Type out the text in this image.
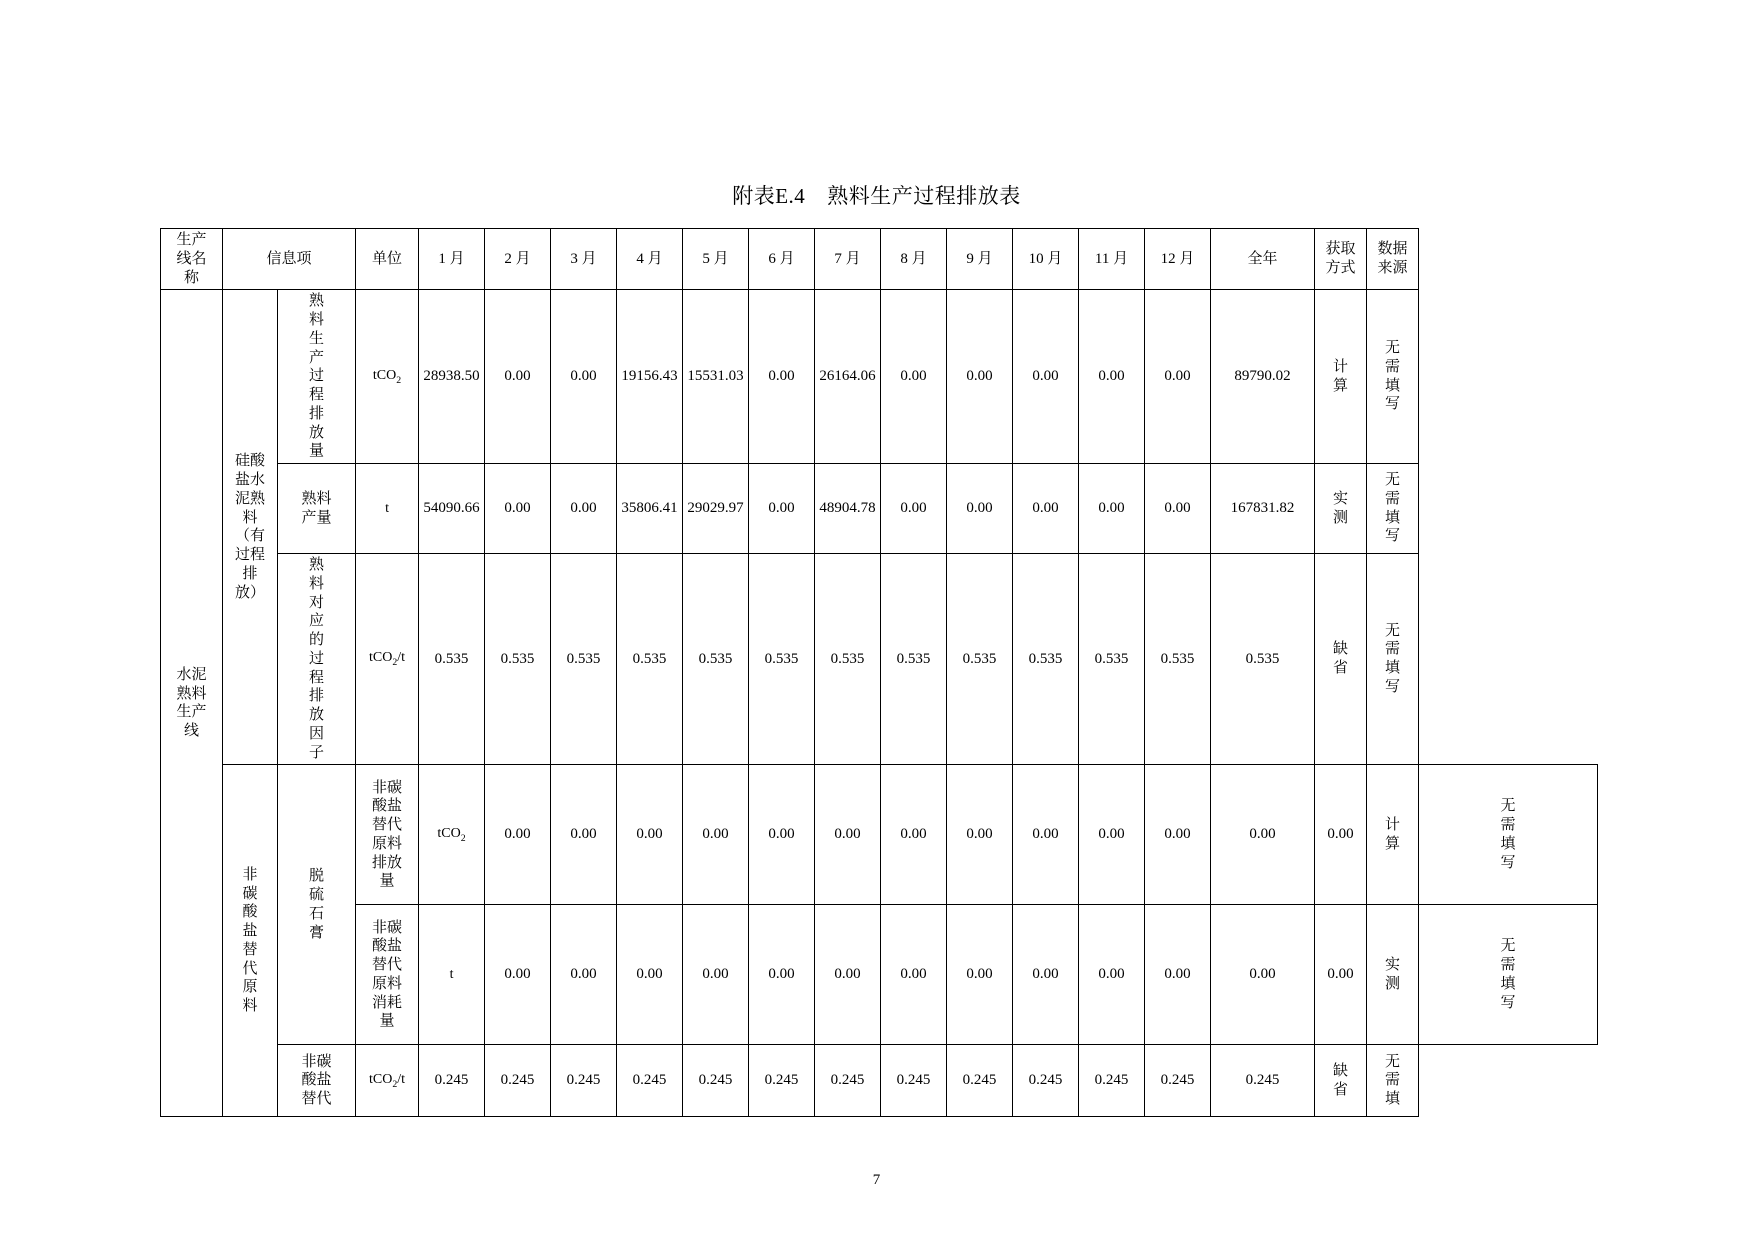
附表E.4 熟料生产过程排放表
生产线名称	信息项		单位	1 月	2 月	3 月	4 月	5 月	6 月	7 月	8 月	9 月	10 月	11 月	12 月	全年	获取方式	数据来源	

水泥熟料生产线	硅酸盐水泥熟料（有过程排放）	熟料生产过程排放量	tCO$_2$	28938.50	0.00	0.00	19156.43	15531.03	0.00	26164.06	0.00	0.00	0.00	0.00	0.00	89790.02	计算	无需填写	

		熟料产量	t	54090.66	0.00	0.00	35806.41	29029.97	0.00	48904.78	0.00	0.00	0.00	0.00	0.00	167831.82	实测	无需填写	

		熟料对应的过程排放因子	tCO$_2$/t	0.535	0.535	0.535	0.535	0.535	0.535	0.535	0.535	0.535	0.535	0.535	0.535	0.535	缺省	无需填写	

	非碳酸盐替代原料	脱硫石膏	非碳酸盐替代原料排放量	tCO$_2$	0.00	0.00	0.00	0.00	0.00	0.00	0.00	0.00	0.00	0.00	0.00	0.00	0.00	计算	无需填写

			非碳酸盐替代原料消耗量	t	0.00	0.00	0.00	0.00	0.00	0.00	0.00	0.00	0.00	0.00	0.00	0.00	0.00	实测	无需填写

		非碳酸盐替代	tCO$_2$/t	0.245	0.245	0.245	0.245	0.245	0.245	0.245	0.245	0.245	0.245	0.245	0.245	0.245	缺省	无需填	
7
